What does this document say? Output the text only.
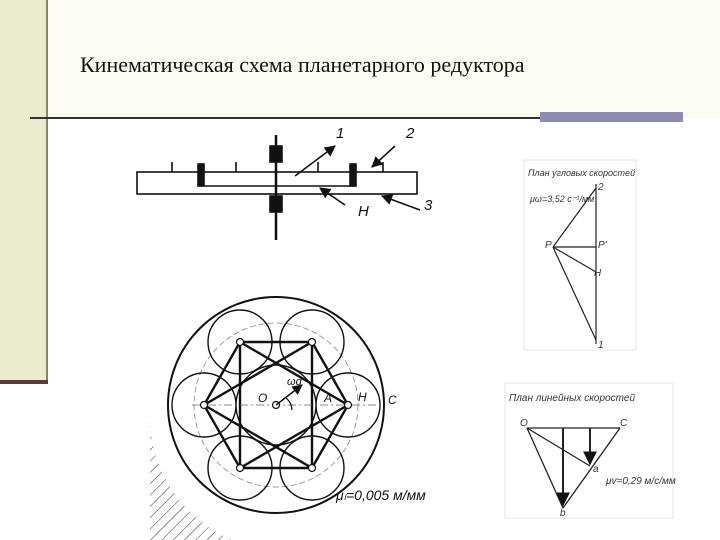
Кинематическая схема планетарного редуктора
1	2
3
H
O	A H C
ωd
μₗ=0,005 м/мм
План угловых скоростей
μω=3,52 с⁻¹/мм
2
P	P'
H
1
План линейных скоростей
O	C
a
b
μv=0,29 м/с/мм
